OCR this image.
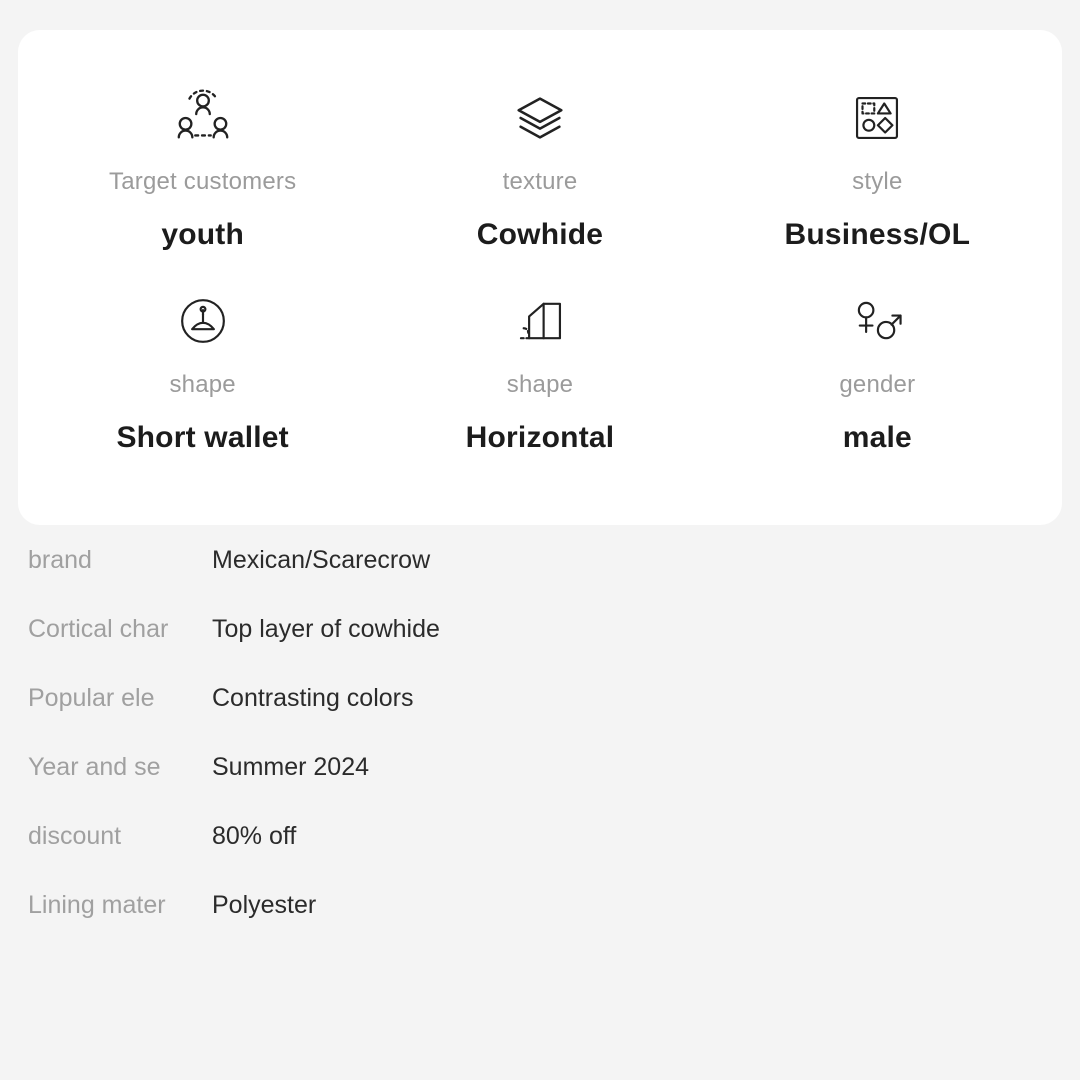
Target customers
youth
texture
Cowhide
style
Business/OL
shape
Short wallet
shape
Horizontal
gender
male
brand	Mexican/Scarecrow
Cortical char	Top layer of cowhide
Popular ele	Contrasting colors
Year and se	Summer 2024
discount	80% off
Lining mater	Polyester
